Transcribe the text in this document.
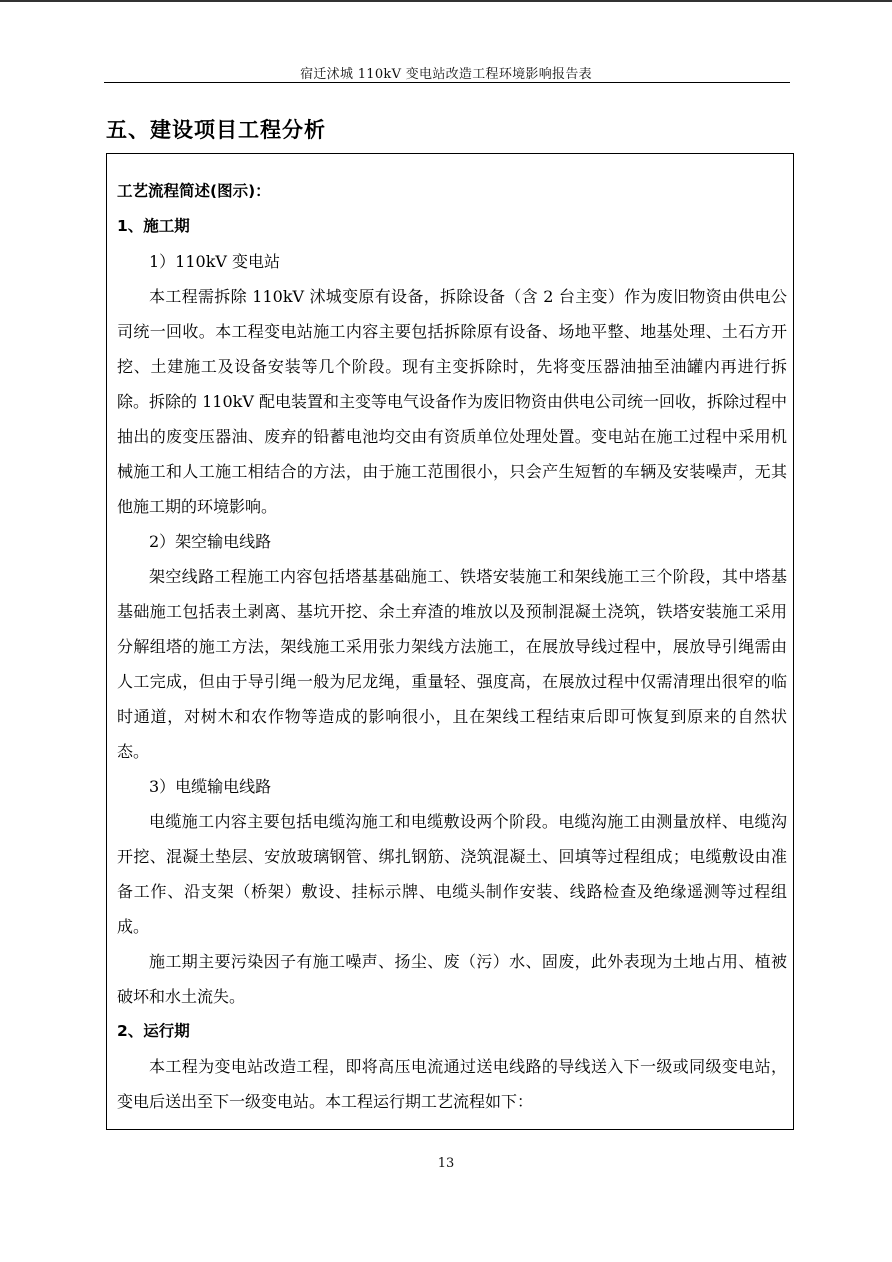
宿迁沭城 110kV 变电站改造工程环境影响报告表
五、建设项目工程分析
工艺流程简述(图示)：
1、施工期
1）110kV 变电站

本工程需拆除 110kV 沭城变原有设备，拆除设备（含 2 台主变）作为废旧物资由供电公司统一回收。本工程变电站施工内容主要包括拆除原有设备、场地平整、地基处理、土石方开挖、土建施工及设备安装等几个阶段。现有主变拆除时，先将变压器油抽至油罐内再进行拆除。拆除的 110kV 配电装置和主变等电气设备作为废旧物资由供电公司统一回收，拆除过程中抽出的废变压器油、废弃的铅蓄电池均交由有资质单位处理处置。变电站在施工过程中采用机械施工和人工施工相结合的方法，由于施工范围很小，只会产生短暂的车辆及安装噪声，无其他施工期的环境影响。

2）架空输电线路

架空线路工程施工内容包括塔基基础施工、铁塔安装施工和架线施工三个阶段，其中塔基基础施工包括表土剥离、基坑开挖、余土弃渣的堆放以及预制混凝土浇筑，铁塔安装施工采用分解组塔的施工方法，架线施工采用张力架线方法施工，在展放导线过程中，展放导引绳需由人工完成，但由于导引绳一般为尼龙绳，重量轻、强度高，在展放过程中仅需清理出很窄的临时通道，对树木和农作物等造成的影响很小，且在架线工程结束后即可恢复到原来的自然状态。

3）电缆输电线路

电缆施工内容主要包括电缆沟施工和电缆敷设两个阶段。电缆沟施工由测量放样、电缆沟开挖、混凝土垫层、安放玻璃钢管、绑扎钢筋、浇筑混凝土、回填等过程组成；电缆敷设由准备工作、沿支架（桥架）敷设、挂标示牌、电缆头制作安装、线路检查及绝缘遥测等过程组成。

施工期主要污染因子有施工噪声、扬尘、废（污）水、固废，此外表现为土地占用、植被破坏和水土流失。

2、运行期

本工程为变电站改造工程，即将高压电流通过送电线路的导线送入下一级或同级变电站，变电后送出至下一级变电站。本工程运行期工艺流程如下：

13
